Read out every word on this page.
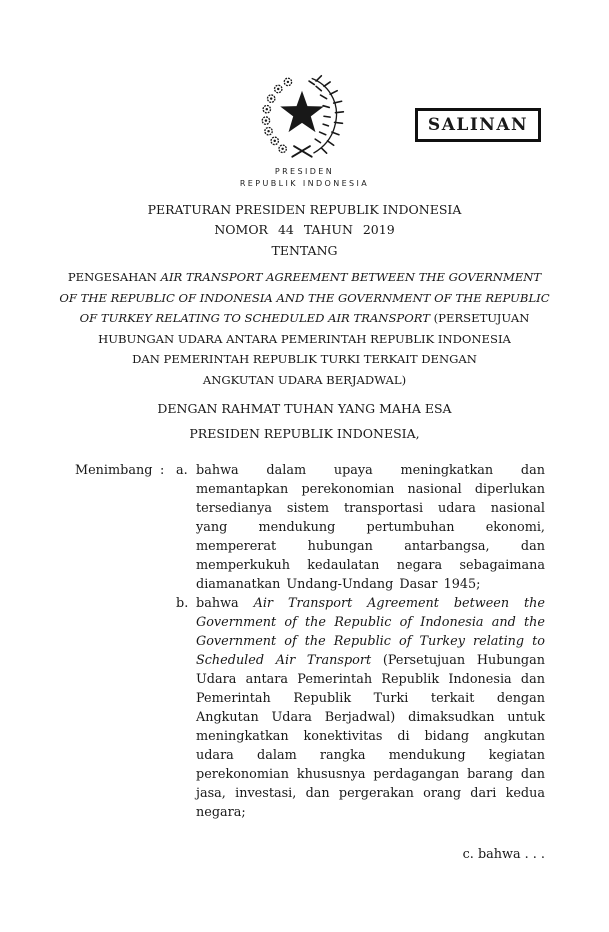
SALINAN
PRESIDEN
REPUBLIK INDONESIA
PERATURAN PRESIDEN REPUBLIK INDONESIA
NOMOR 44 TAHUN 2019
TENTANG
PENGESAHAN AIR TRANSPORT AGREEMENT BETWEEN THE GOVERNMENT
OF THE REPUBLIC OF INDONESIA AND THE GOVERNMENT OF THE REPUBLIC
OF TURKEY RELATING TO SCHEDULED AIR TRANSPORT (PERSETUJUAN
HUBUNGAN UDARA ANTARA PEMERINTAH REPUBLIK INDONESIA
DAN PEMERINTAH REPUBLIK TURKI TERKAIT DENGAN
ANGKUTAN UDARA BERJADWAL)
DENGAN RAHMAT TUHAN YANG MAHA ESA
PRESIDEN REPUBLIK INDONESIA,
Menimbang : a. bahwa dalam upaya meningkatkan dan memantapkan perekonomian nasional diperlukan tersedianya sistem transportasi udara nasional yang mendukung pertumbuhan ekonomi, mempererat hubungan antarbangsa, dan memperkukuh kedaulatan negara sebagaimana diamanatkan Undang-Undang Dasar 1945;
b. bahwa Air Transport Agreement between the Government of the Republic of Indonesia and the Government of the Republic of Turkey relating to Scheduled Air Transport (Persetujuan Hubungan Udara antara Pemerintah Republik Indonesia dan Pemerintah Republik Turki terkait dengan Angkutan Udara Berjadwal) dimaksudkan untuk meningkatkan konektivitas di bidang angkutan udara dalam rangka mendukung kegiatan perekonomian khususnya perdagangan barang dan jasa, investasi, dan pergerakan orang dari kedua negara;
c. bahwa . . .
